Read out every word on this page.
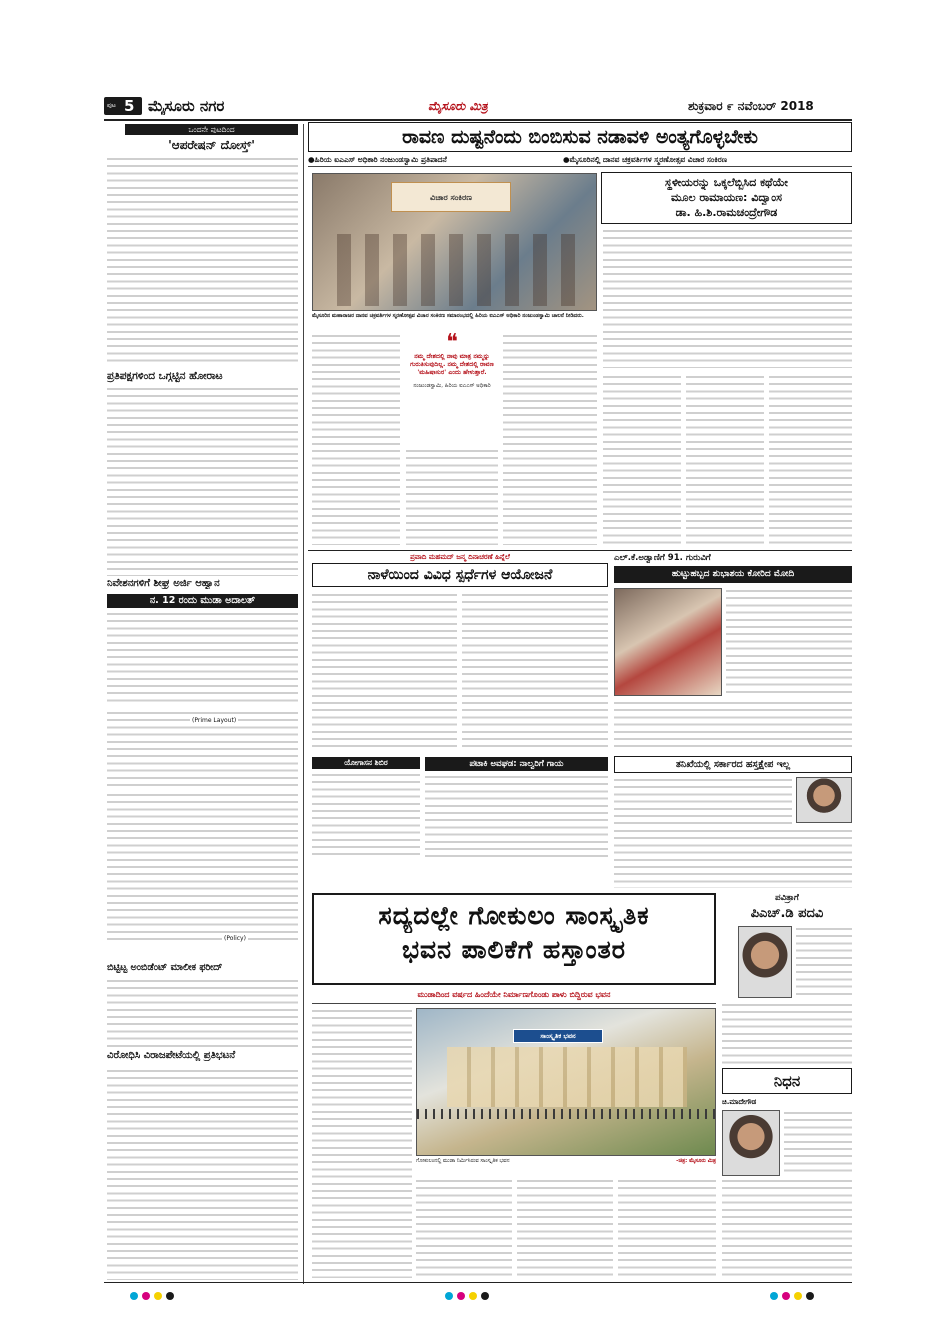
ಪುಟ 5 ಮೈಸೂರು ನಗರ	ಮೈಸೂರು ಮಿತ್ರ	ಶುಕ್ರವಾರ ೯ ನವೆಂಬರ್ 2018
ಒಂದನೇ ಪುಟದಿಂದ
'ಆಪರೇಷನ್ ದೋಸ್ತ್'
ಪ್ರತಿಪಕ್ಷಗಳಿಂದ ಒಗ್ಗಟ್ಟಿನ ಹೋರಾಟ
ನಿವೇಶನಗಳಿಗೆ ಶೀಘ್ರ ಅರ್ಜಿ ಆಹ್ವಾನ
ನ. 12 ರಂದು ಮುಡಾ ಅದಾಲತ್
(Prime Layout)
(Policy)
ಬಿಟ್ಟಿಟ್ಟ ಅಂಬಿಡೆಂಟ್ ಮಾಲೀಕ ಫರೀದ್
ವಿರೋಧಿಸಿ ವಿರಾಜಪೇಟೆಯಲ್ಲಿ ಪ್ರತಿಭಟನೆ
ರಾವಣ ದುಷ್ಟನೆಂದು ಬಿಂಬಿಸುವ ನಡಾವಳಿ ಅಂತ್ಯಗೊಳ್ಳಬೇಕು
●ಹಿರಿಯ ಐಎಎಸ್ ಅಧಿಕಾರಿ ನಂಜುಂಡಸ್ವಾಮಿ ಪ್ರತಿಪಾದನೆ	●ಮೈಸೂರಿನಲ್ಲಿ ದಾನವ ಚಕ್ರವರ್ತಿಗಳ ಸ್ಮರಣೋತ್ಸವ ವಿಚಾರ ಸಂಕಿರಣ
ವಿಚಾರ ಸಂಕಿರಣ
ಮೈಸೂರಿನ ಮಹಾರಾಜರ ದಾನವ ಚಕ್ರವರ್ತಿಗಳ ಸ್ಮರಣೋತ್ಸವ ವಿಚಾರ ಸಂಕಿರಣ ಸಮಾರಂಭದಲ್ಲಿ ಹಿರಿಯ ಐಎಎಸ್ ಅಧಿಕಾರಿ ನಂಜುಂಡಸ್ವಾಮಿ ಚಾಲನೆ ನೀಡಿದರು.
❝
ನಮ್ಮ ದೇಶದಲ್ಲಿ ನಾವು ಮಾತ್ರ ನಮ್ಮನ್ನು ಗುರುತಿಸುವುದಿಲ್ಲ. ನಮ್ಮ ದೇಶದಲ್ಲಿ ರಾವಣ 'ಮಹಿಷಾಸುರ' ಎಂದು ಹೇಳುತ್ತಾರೆ.
ನಂಜುಂಡಸ್ವಾಮಿ, ಹಿರಿಯ ಐಎಎಸ್ ಅಧಿಕಾರಿ
ಸ್ಥಳೀಯರನ್ನು ಒಕ್ಕಲೆಬ್ಬಿಸಿದ ಕಥೆಯೇ
ಮೂಲ ರಾಮಾಯಣ: ವಿದ್ವಾಂಸ
ಡಾ. ಹಿ.ಶಿ.ರಾಮಚಂದ್ರೇಗೌಡ
ಪ್ರವಾದಿ ಮಹಮದ್ ಜನ್ಮ ದಿನಾಚರಣೆ ಹಿನ್ನೆಲೆ
ನಾಳೆಯಿಂದ ವಿವಿಧ ಸ್ಪರ್ಧೆಗಳ ಆಯೋಜನೆ
ಯೋಗಾಸನ ಶಿಬಿರ	ಪಟಾಕಿ ಅವಘಡ: ನಾಲ್ವರಿಗೆ ಗಾಯ
ಎಲ್.ಕೆ.ಅಡ್ವಾಣಿಗೆ 91. ಗುರುವಿಗೆ
ಹುಟ್ಟುಹಬ್ಬದ ಶುಭಾಶಯ ಕೋರಿದ ಮೋದಿ
ತನಿಖೆಯಲ್ಲಿ ಸರ್ಕಾರದ ಹಸ್ತಕ್ಷೇಪ ಇಲ್ಲ
ಸದ್ಯದಲ್ಲೇ ಗೋಕುಲಂ ಸಾಂಸ್ಕೃತಿಕ
ಭವನ ಪಾಲಿಕೆಗೆ ಹಸ್ತಾಂತರ
ಮುಡಾದಿಂದ ವರ್ಷದ ಹಿಂದೆಯೇ ನಿರ್ಮಾಣಗೊಂಡು ಪಾಳು ಬಿದ್ದಿರುವ ಭವನ
ಸಾಂಸ್ಕೃತಿಕ ಭವನ
ಗೋಕುಲಂನಲ್ಲಿ ಮುಡಾ ನಿರ್ಮಿಸಿರುವ ಸಾಂಸ್ಕೃತಿಕ ಭವನ	-ಚಿತ್ರ: ಮೈಸೂರು ಮಿತ್ರ
ಪವಿತ್ರಾಗೆ
ಪಿಎಚ್.ಡಿ ಪದವಿ
ನಿಧನ
ಚಿ.ಮಾದೇಗೌಡ
